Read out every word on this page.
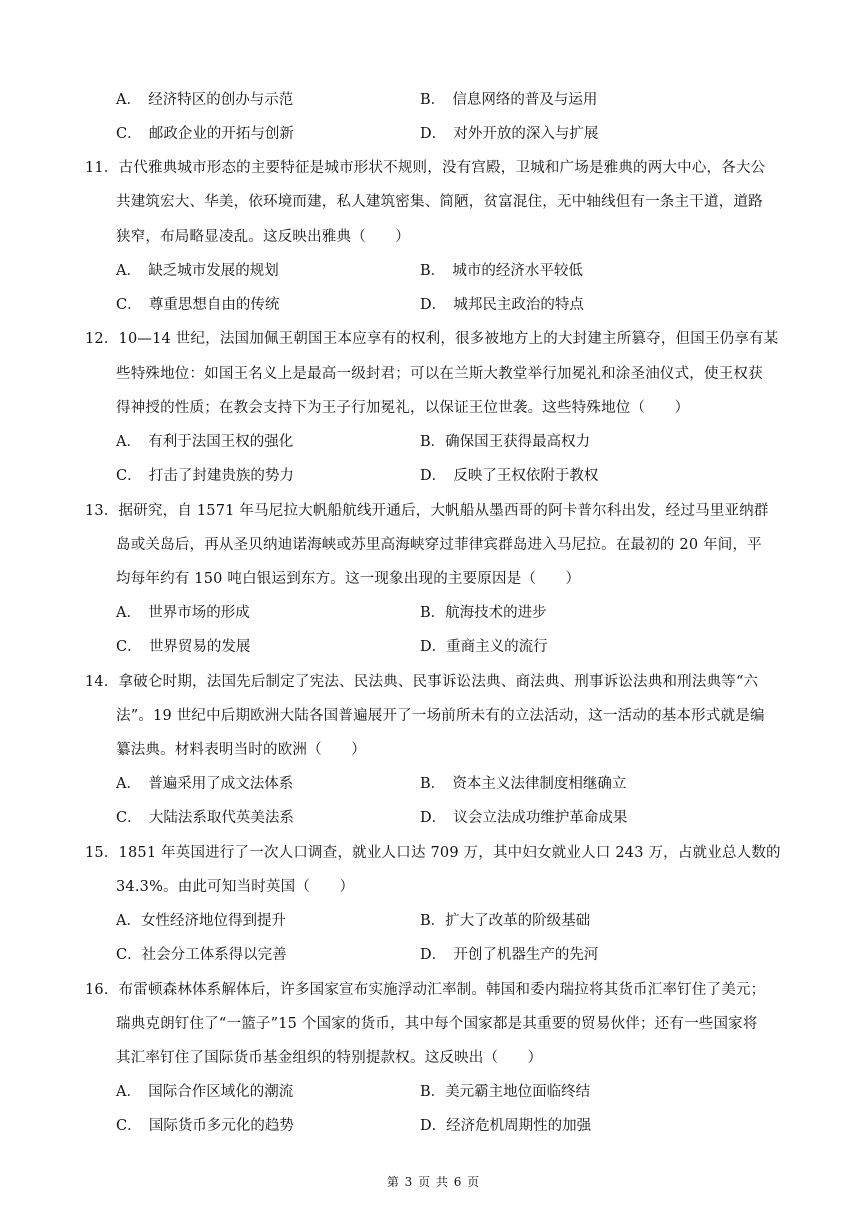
A．　经济特区的创办与示范	B．　信息网络的普及与运用
C．　邮政企业的开拓与创新	D．　对外开放的深入与扩展
11．古代雅典城市形态的主要特征是城市形状不规则，没有宫殿，卫城和广场是雅典的两大中心，各大公
共建筑宏大、华美，依环境而建，私人建筑密集、简陋，贫富混住，无中轴线但有一条主干道，道路
狭窄，布局略显凌乱。这反映出雅典（　　）
A．　缺乏城市发展的规划	B．　城市的经济水平较低
C．　尊重思想自由的传统	D．　城邦民主政治的特点
12．10—14 世纪，法国加佩王朝国王本应享有的权利，很多被地方上的大封建主所篡夺，但国王仍享有某
些特殊地位：如国王名义上是最高一级封君；可以在兰斯大教堂举行加冕礼和涂圣油仪式，使王权获
得神授的性质；在教会支持下为王子行加冕礼，以保证王位世袭。这些特殊地位（　　）
A．　有利于法国王权的强化	B．确保国王获得最高权力
C．　打击了封建贵族的势力	D．　反映了王权依附于教权
13．据研究，自 1571 年马尼拉大帆船航线开通后，大帆船从墨西哥的阿卡普尔科出发，经过马里亚纳群
岛或关岛后，再从圣贝纳迪诺海峡或苏里高海峡穿过菲律宾群岛进入马尼拉。在最初的 20 年间，平
均每年约有 150 吨白银运到东方。这一现象出现的主要原因是（　　）
A．　世界市场的形成	B．航海技术的进步
C．　世界贸易的发展	D．重商主义的流行
14．拿破仑时期，法国先后制定了宪法、民法典、民事诉讼法典、商法典、刑事诉讼法典和刑法典等“六
法”。19 世纪中后期欧洲大陆各国普遍展开了一场前所未有的立法活动，这一活动的基本形式就是编
纂法典。材料表明当时的欧洲（　　）
A．　普遍采用了成文法体系	B．　资本主义法律制度相继确立
C．　大陆法系取代英美法系	D．　议会立法成功维护革命成果
15．1851 年英国进行了一次人口调查，就业人口达 709 万，其中妇女就业人口 243 万，占就业总人数的
34.3%。由此可知当时英国（　　）
A．女性经济地位得到提升	B．扩大了改革的阶级基础
C．社会分工体系得以完善	D．　开创了机器生产的先河
16．布雷顿森林体系解体后，许多国家宣布实施浮动汇率制。韩国和委内瑞拉将其货币汇率钉住了美元；
瑞典克朗钉住了“一篮子”15 个国家的货币，其中每个国家都是其重要的贸易伙伴；还有一些国家将
其汇率钉住了国际货币基金组织的特别提款权。这反映出（　　）
A．　国际合作区域化的潮流	B．美元霸主地位面临终结
C．　国际货币多元化的趋势	D．经济危机周期性的加强
第 3 页 共 6 页
